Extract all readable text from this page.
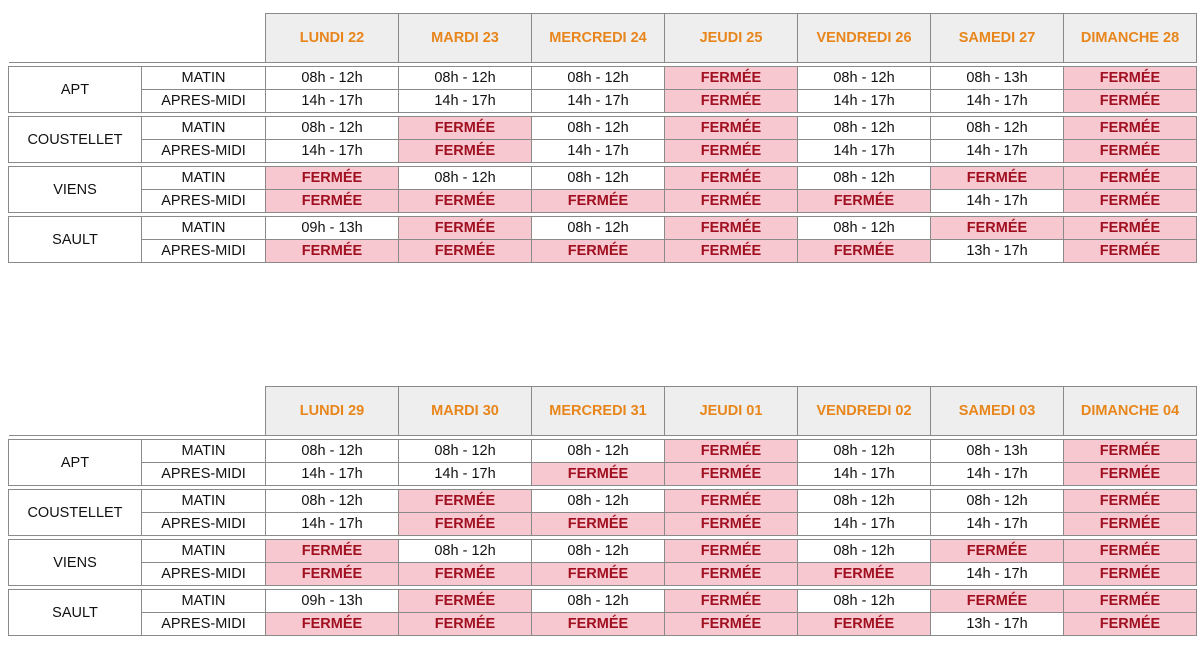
		LUNDI 22	MARDI 23	MERCREDI 24	JEUDI 25	VENDREDI 26	SAMEDI 27	DIMANCHE 28

APT	MATIN	08h - 12h	08h - 12h	08h - 12h	FERMÉE	08h - 12h	08h - 13h	FERMÉE
	APRES-MIDI	14h - 17h	14h - 17h	14h - 17h	FERMÉE	14h - 17h	14h - 17h	FERMÉE

COUSTELLET	MATIN	08h - 12h	FERMÉE	08h - 12h	FERMÉE	08h - 12h	08h - 12h	FERMÉE
	APRES-MIDI	14h - 17h	FERMÉE	14h - 17h	FERMÉE	14h - 17h	14h - 17h	FERMÉE

VIENS	MATIN	FERMÉE	08h - 12h	08h - 12h	FERMÉE	08h - 12h	FERMÉE	FERMÉE
	APRES-MIDI	FERMÉE	FERMÉE	FERMÉE	FERMÉE	FERMÉE	14h - 17h	FERMÉE

SAULT	MATIN	09h - 13h	FERMÉE	08h - 12h	FERMÉE	08h - 12h	FERMÉE	FERMÉE
	APRES-MIDI	FERMÉE	FERMÉE	FERMÉE	FERMÉE	FERMÉE	13h - 17h	FERMÉE
		LUNDI 29	MARDI 30	MERCREDI 31	JEUDI 01	VENDREDI 02	SAMEDI 03	DIMANCHE 04

APT	MATIN	08h - 12h	08h - 12h	08h - 12h	FERMÉE	08h - 12h	08h - 13h	FERMÉE
	APRES-MIDI	14h - 17h	14h - 17h	FERMÉE	FERMÉE	14h - 17h	14h - 17h	FERMÉE

COUSTELLET	MATIN	08h - 12h	FERMÉE	08h - 12h	FERMÉE	08h - 12h	08h - 12h	FERMÉE
	APRES-MIDI	14h - 17h	FERMÉE	FERMÉE	FERMÉE	14h - 17h	14h - 17h	FERMÉE

VIENS	MATIN	FERMÉE	08h - 12h	08h - 12h	FERMÉE	08h - 12h	FERMÉE	FERMÉE
	APRES-MIDI	FERMÉE	FERMÉE	FERMÉE	FERMÉE	FERMÉE	14h - 17h	FERMÉE

SAULT	MATIN	09h - 13h	FERMÉE	08h - 12h	FERMÉE	08h - 12h	FERMÉE	FERMÉE
	APRES-MIDI	FERMÉE	FERMÉE	FERMÉE	FERMÉE	FERMÉE	13h - 17h	FERMÉE
